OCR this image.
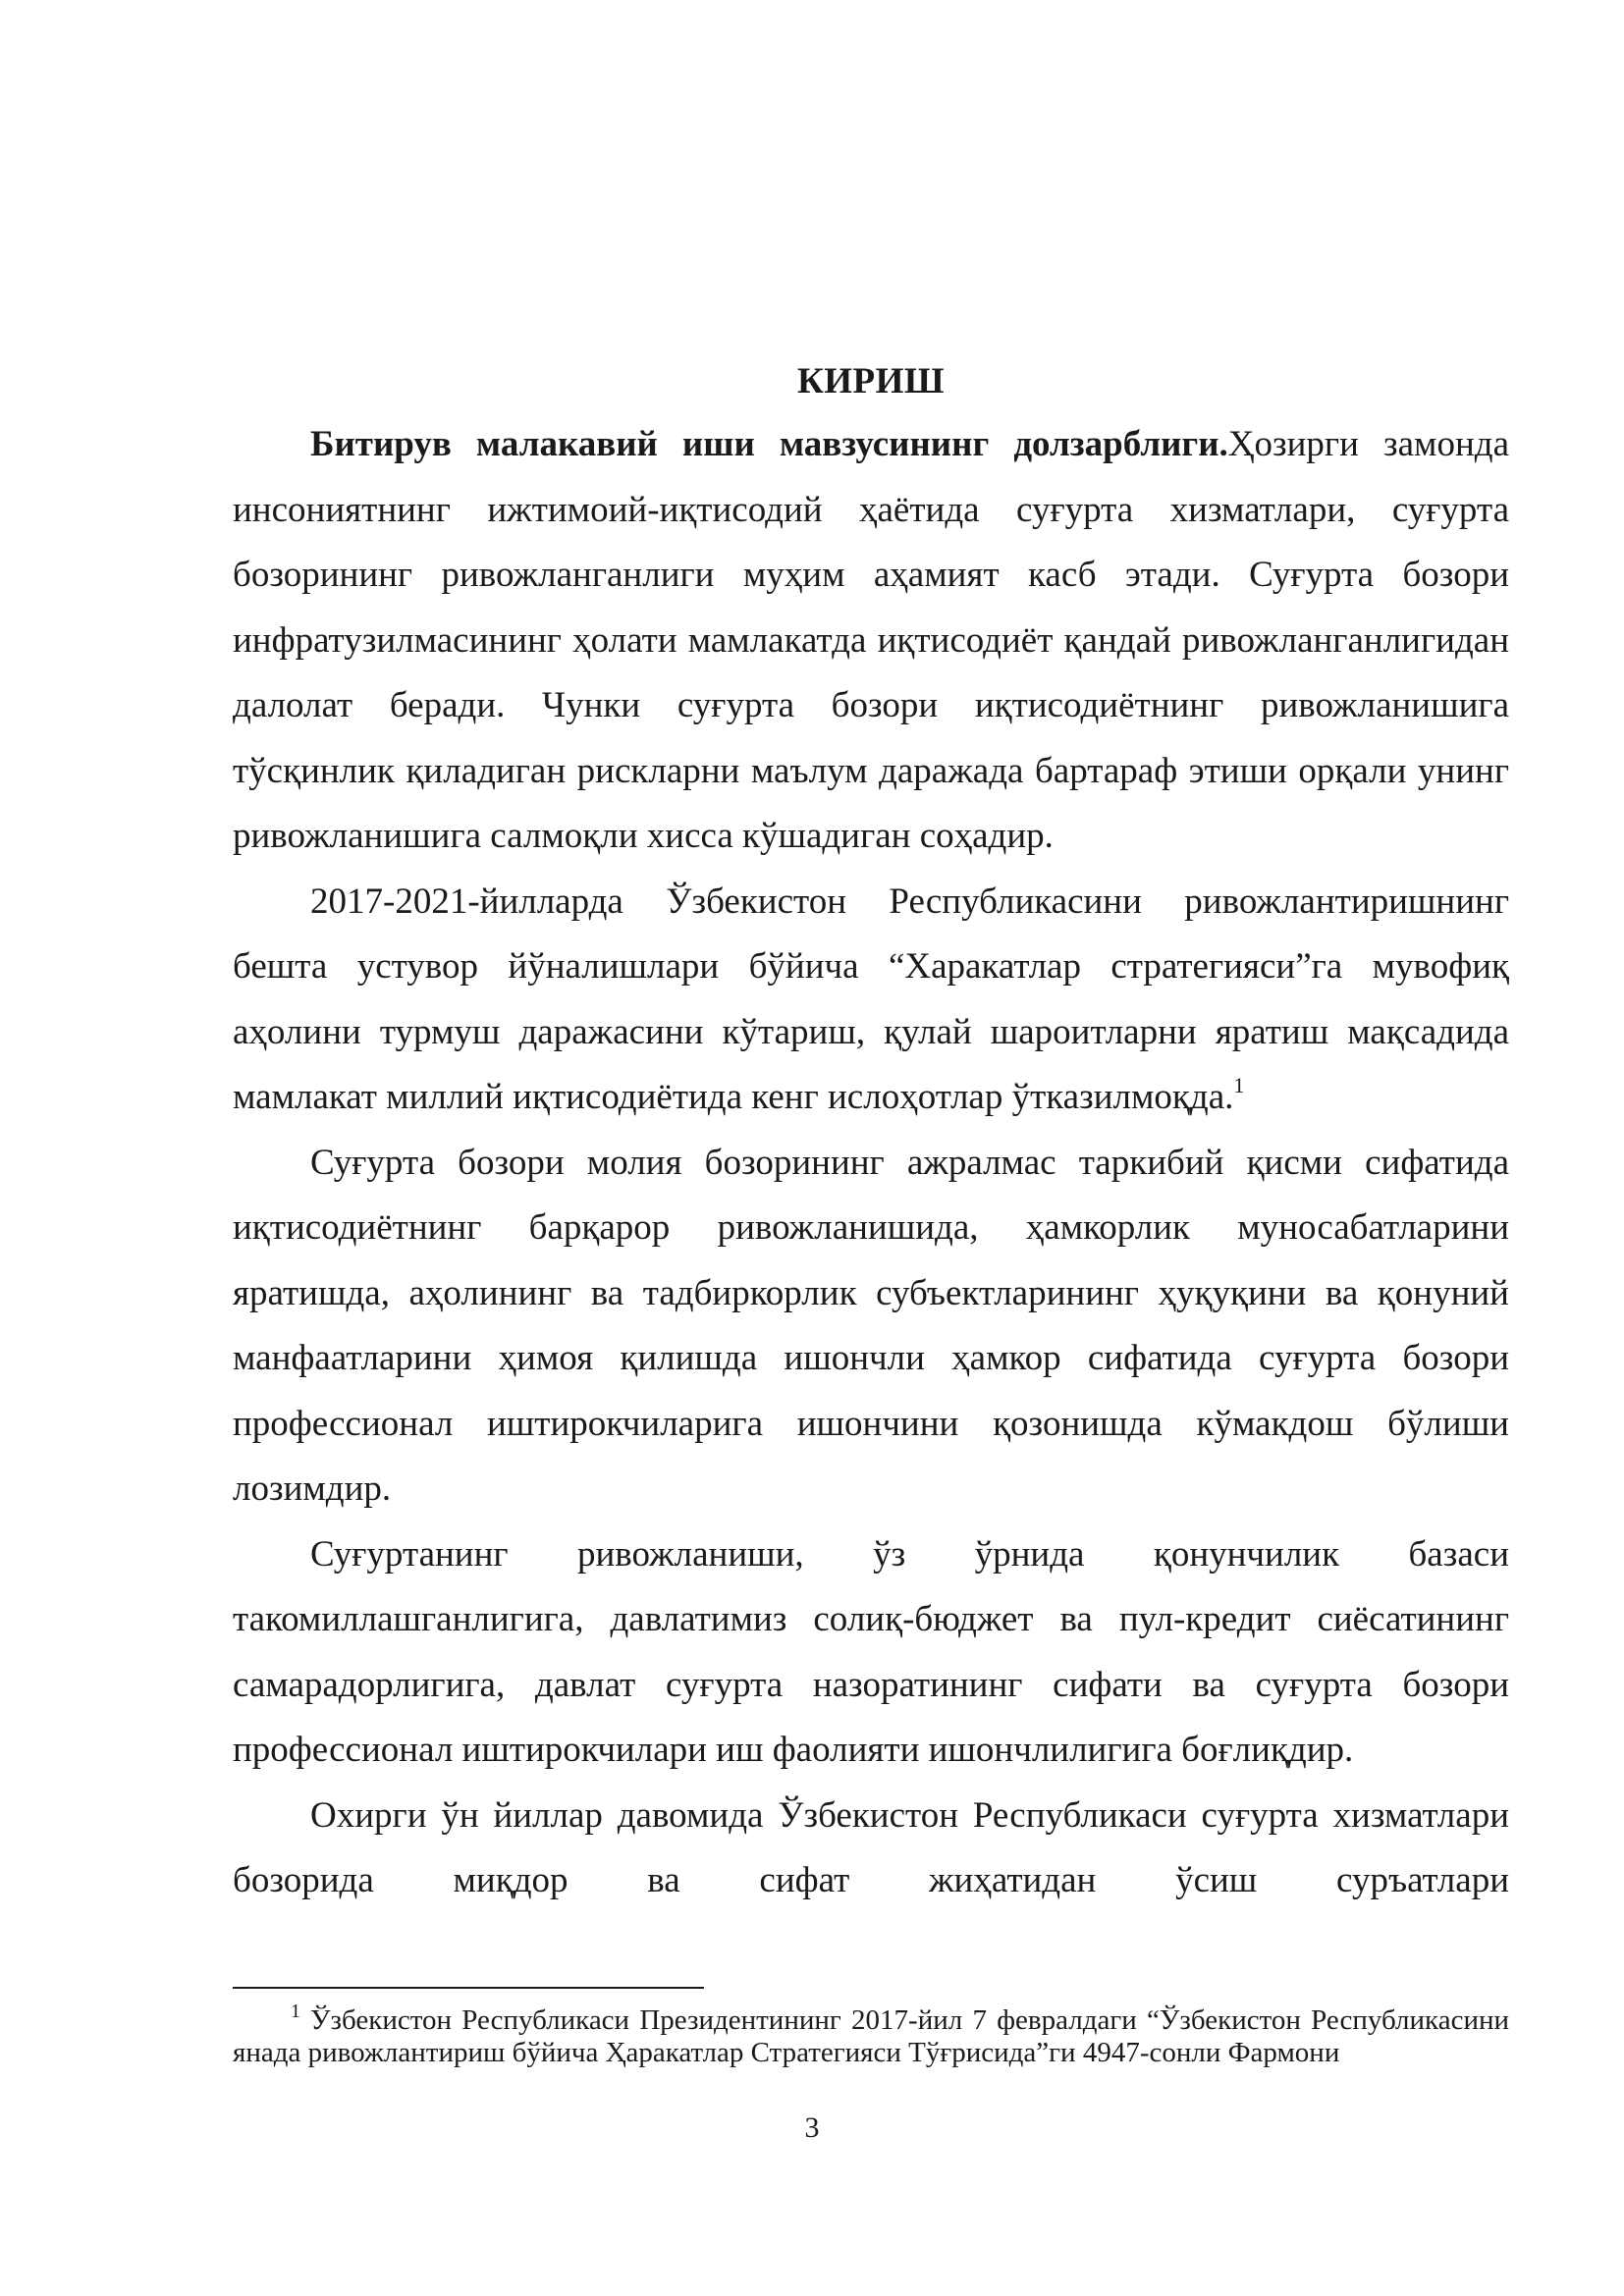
КИРИШ

Битирув малакавий иши мавзусининг долзарблиги.Ҳозирги замонда инсониятнинг ижтимоий-иқтисодий ҳаётида суғурта хизматлари, суғурта бозорининг ривожланганлиги муҳим аҳамият касб этади. Суғурта бозори инфратузилмасининг ҳолати мамлакатда иқтисодиёт қандай ривожланганлигидан далолат беради. Чунки суғурта бозори иқтисодиётнинг ривожланишига тўсқинлик қиладиган рискларни маълум даражада бартараф этиши орқали унинг ривожланишига салмоқли хисса кўшадиган соҳадир.

2017-2021-йилларда Ўзбекистон Республикасини ривожлантиришнинг бешта устувор йўналишлари бўйича “Харакатлар стратегияси”га мувофиқ аҳолини турмуш даражасини кўтариш, қулай шароитларни яратиш мақсадида мамлакат миллий иқтисодиётида кенг ислоҳотлар ўтказилмоқда.$^1$

Суғурта бозори молия бозорининг ажралмас таркибий қисми сифатида иқтисодиётнинг барқарор ривожланишида, ҳамкорлик муносабатларини яратишда, аҳолининг ва тадбиркорлик субъектларининг ҳуқуқини ва қонуний манфаатларини ҳимоя қилишда ишончли ҳамкор сифатида суғурта бозори профессионал иштирокчиларига ишончини қозонишда кўмакдош бўлиши лозимдир.

Суғуртанинг ривожланиши, ўз ўрнида қонунчилик базаси такомиллашганлигига, давлатимиз солиқ-бюджет ва пул-кредит сиёсатининг самарадорлигига, давлат суғурта назоратининг сифати ва суғурта бозори профессионал иштирокчилари иш фаолияти ишончлилигига боғлиқдир.

Охирги ўн йиллар давомида Ўзбекистон Республикаси суғурта хизматлари бозорида миқдор ва сифат жиҳатидан ўсиш суръатлари

1 Ўзбекистон Республикаси Президентининг 2017-йил 7 февралдаги “Ўзбекистон Республикасини янада ривожлантириш бўйича Ҳаракатлар Стратегияси Тўғрисида”ги 4947-сонли Фармони
3
